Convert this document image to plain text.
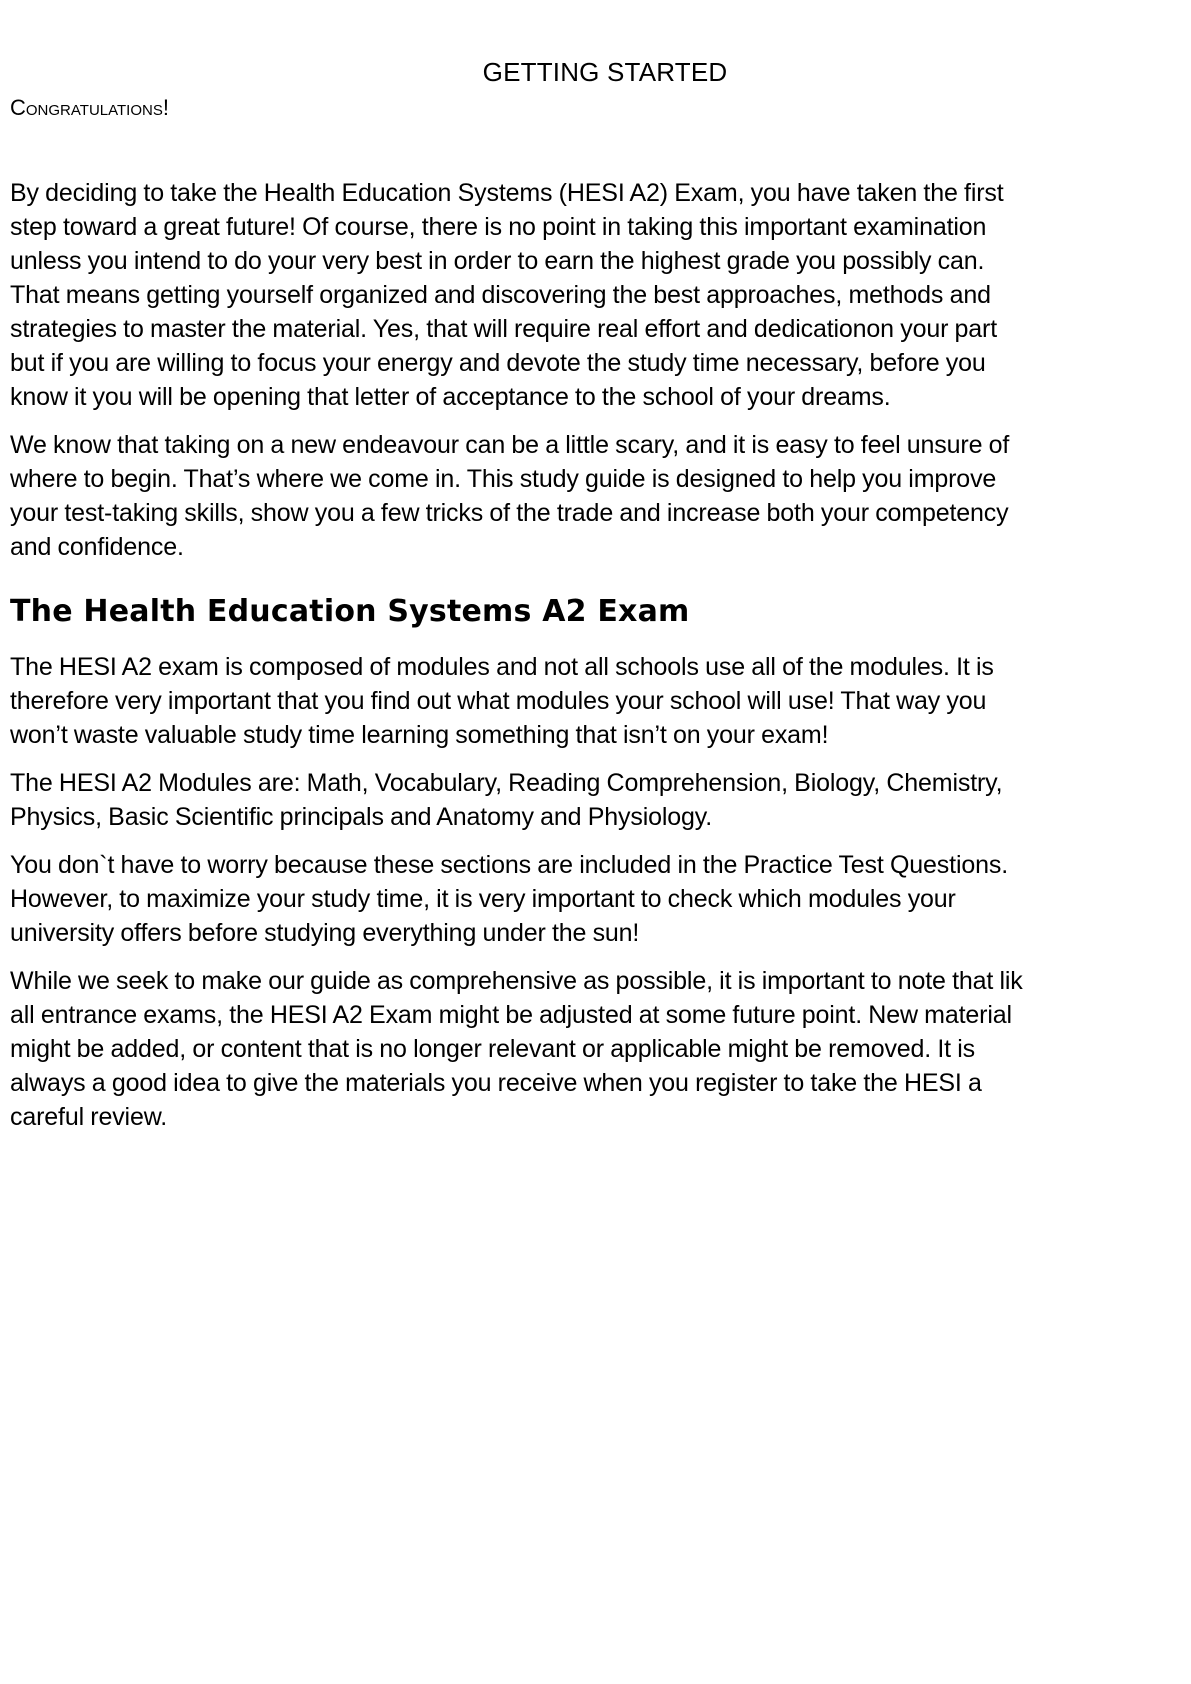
GETTING STARTED
Congratulations!

By deciding to take the Health Education Systems (HESI A2) Exam, you have taken the first
step toward a great future! Of course, there is no point in taking this important examination
unless you intend to do your very best in order to earn the highest grade you possibly can.
That means getting yourself organized and discovering the best approaches, methods and
strategies to master the material. Yes, that will require real effort and dedicationon your part
but if you are willing to focus your energy and devote the study time necessary, before you
know it you will be opening that letter of acceptance to the school of your dreams.

We know that taking on a new endeavour can be a little scary, and it is easy to feel unsure of
where to begin. That’s where we come in. This study guide is designed to help you improve
your test-taking skills, show you a few tricks of the trade and increase both your competency
and confidence.

The Health Education Systems A2 Exam

The HESI A2 exam is composed of modules and not all schools use all of the modules. It is
therefore very important that you find out what modules your school will use! That way you
won’t waste valuable study time learning something that isn’t on your exam!

The HESI A2 Modules are: Math, Vocabulary, Reading Comprehension, Biology, Chemistry,
Physics, Basic Scientific principals and Anatomy and Physiology.

You don`t have to worry because these sections are included in the Practice Test Questions.
However, to maximize your study time, it is very important to check which modules your
university offers before studying everything under the sun!

While we seek to make our guide as comprehensive as possible, it is important to note that lik
all entrance exams, the HESI A2 Exam might be adjusted at some future point. New material
might be added, or content that is no longer relevant or applicable might be removed. It is
always a good idea to give the materials you receive when you register to take the HESI a
careful review.
